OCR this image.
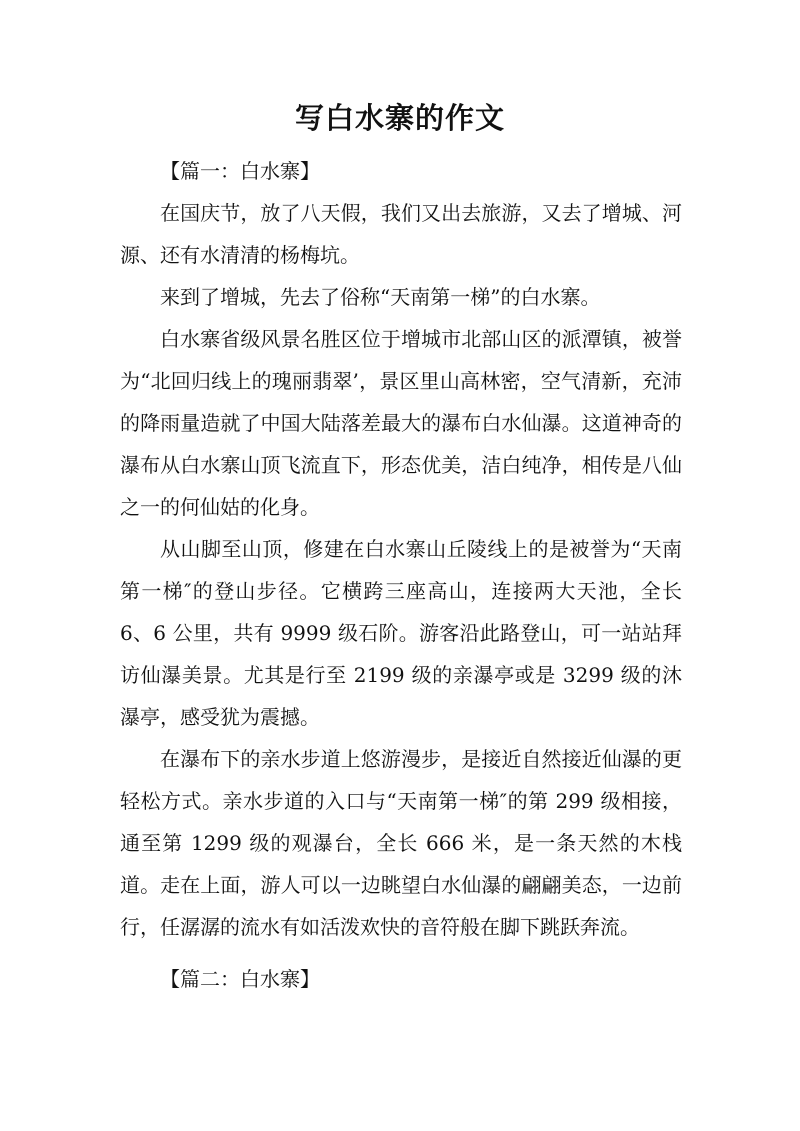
写白水寨的作文

【篇一：白水寨】

在国庆节，放了八天假，我们又出去旅游，又去了增城、河源、还有水清清的杨梅坑。

来到了增城，先去了俗称“天南第一梯”的白水寨。

白水寨省级风景名胜区位于增城市北部山区的派潭镇，被誉为“北回归线上的瑰丽翡翠’，景区里山高林密，空气清新，充沛的降雨量造就了中国大陆落差最大的瀑布白水仙瀑。这道神奇的瀑布从白水寨山顶飞流直下，形态优美，洁白纯净，相传是八仙之一的何仙姑的化身。

从山脚至山顶，修建在白水寨山丘陵线上的是被誉为“天南第一梯″的登山步径。它横跨三座高山，连接两大天池，全长 6、6 公里，共有 9999 级石阶。游客沿此路登山，可一站站拜访仙瀑美景。尤其是行至 2199 级的亲瀑亭或是 3299 级的沐瀑亭，感受犹为震撼。

在瀑布下的亲水步道上悠游漫步，是接近自然接近仙瀑的更轻松方式。亲水步道的入口与“天南第一梯″的第 299 级相接，通至第 1299 级的观瀑台，全长 666 米，是一条天然的木栈道。走在上面，游人可以一边眺望白水仙瀑的翩翩美态，一边前行，任潺潺的流水有如活泼欢快的音符般在脚下跳跃奔流。

【篇二：白水寨】
